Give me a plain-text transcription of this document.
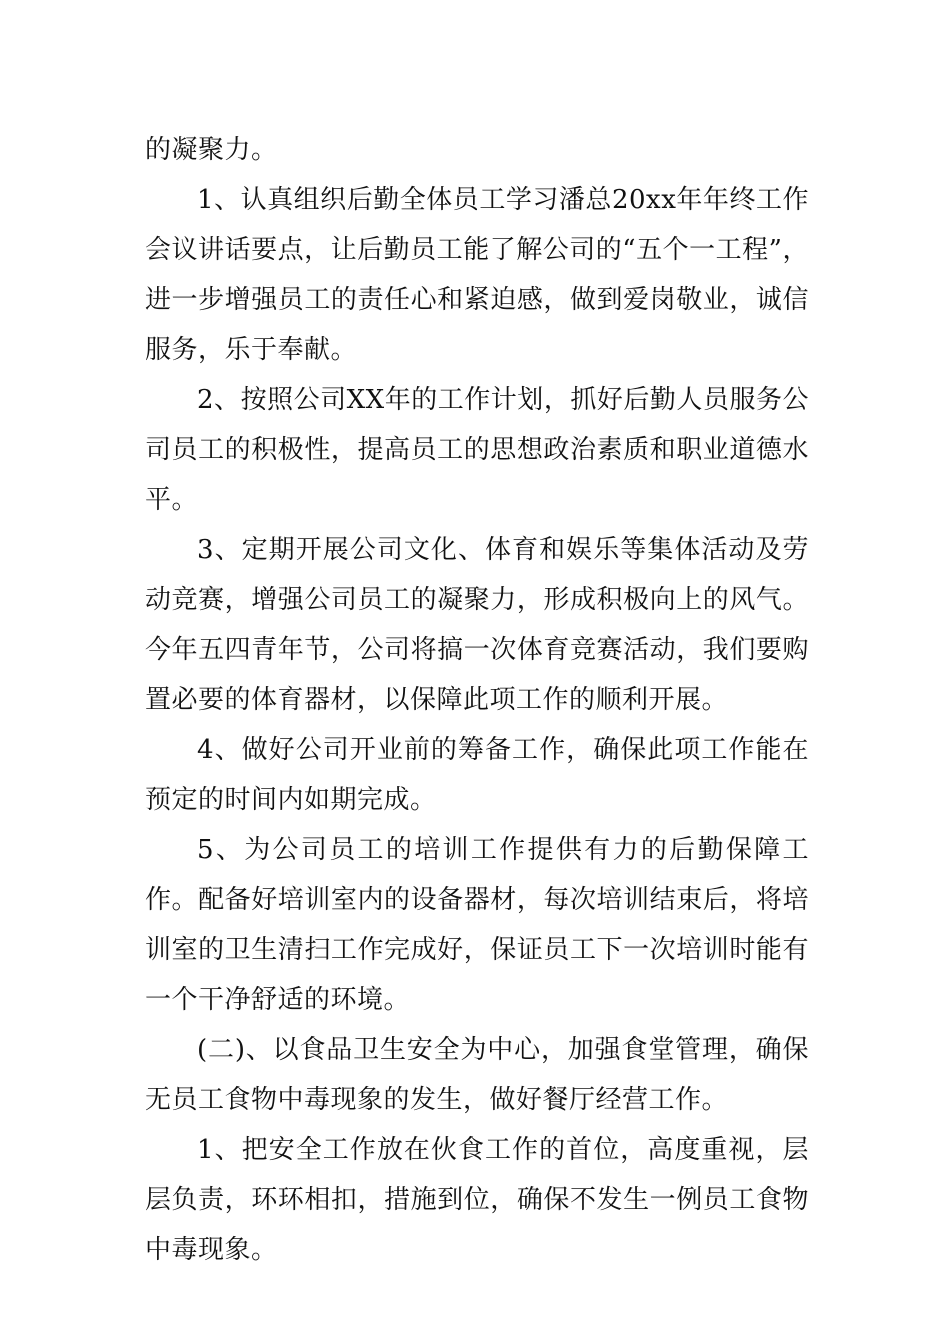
的凝聚力。

1、认真组织后勤全体员工学习潘总20xx年年终工作会议讲话要点，让后勤员工能了解公司的“五个一工程”，进一步增强员工的责任心和紧迫感，做到爱岗敬业，诚信服务，乐于奉献。

2、按照公司XX年的工作计划，抓好后勤人员服务公司员工的积极性，提高员工的思想政治素质和职业道德水平。

3、定期开展公司文化、体育和娱乐等集体活动及劳动竞赛，增强公司员工的凝聚力，形成积极向上的风气。今年五四青年节，公司将搞一次体育竞赛活动，我们要购置必要的体育器材，以保障此项工作的顺利开展。

4、做好公司开业前的筹备工作，确保此项工作能在预定的时间内如期完成。

5、为公司员工的培训工作提供有力的后勤保障工作。配备好培训室内的设备器材，每次培训结束后，将培训室的卫生清扫工作完成好，保证员工下一次培训时能有一个干净舒适的环境。

(二)、以食品卫生安全为中心，加强食堂管理，确保无员工食物中毒现象的发生，做好餐厅经营工作。

1、把安全工作放在伙食工作的首位，高度重视，层层负责，环环相扣，措施到位，确保不发生一例员工食物中毒现象。
